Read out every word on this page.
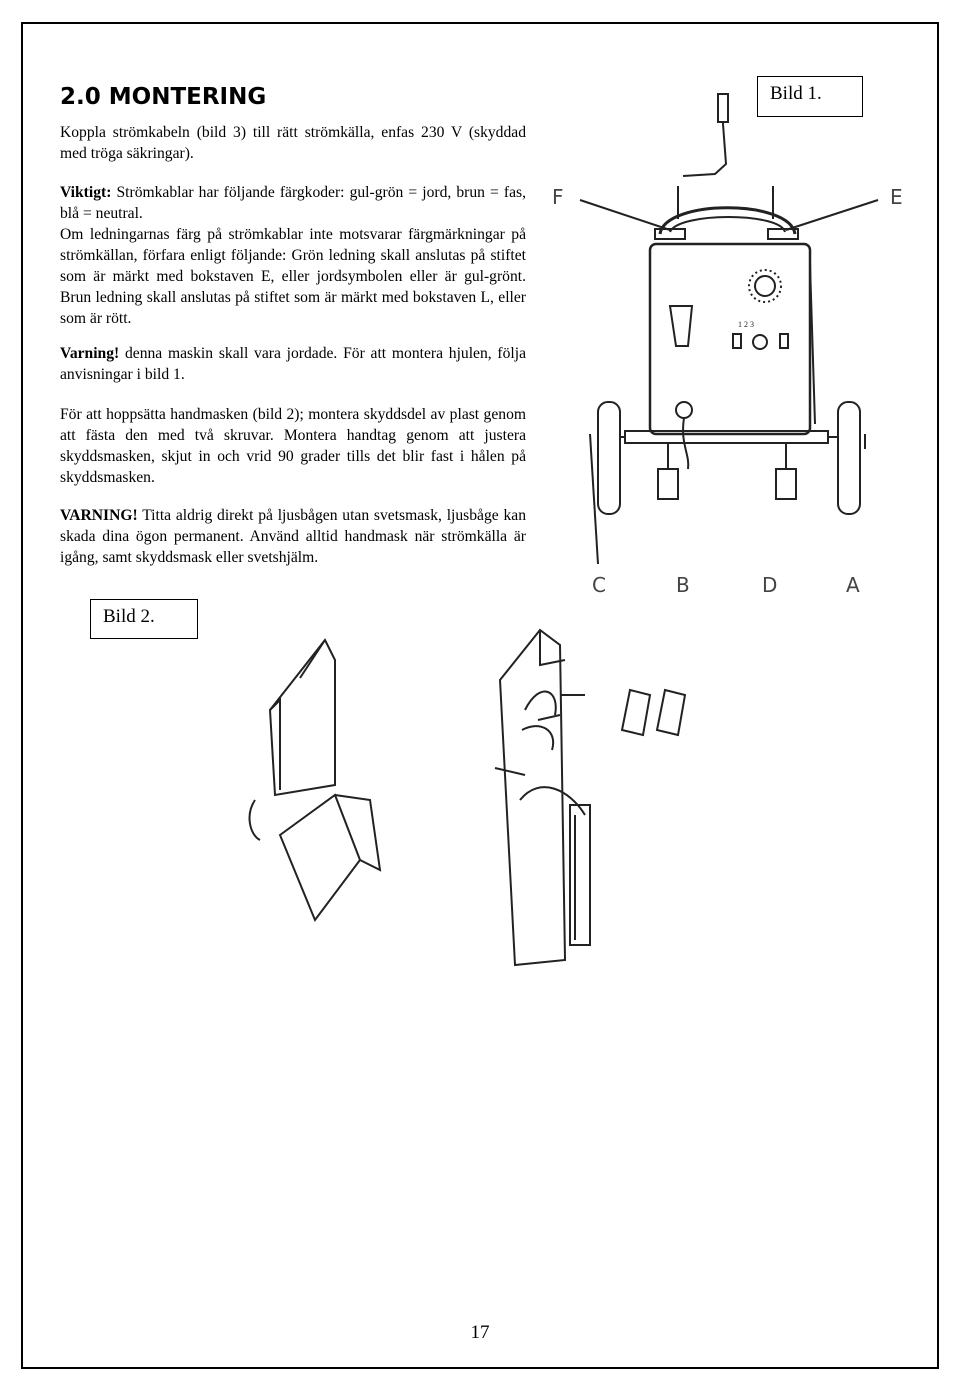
2.0 MONTERING

Koppla strömkabeln (bild 3) till rätt strömkälla, enfas 230 V (skyddad med tröga säkringar).

Viktigt: Strömkablar har följande färgkoder: gul-grön = jord, brun = fas, blå = neutral.
Om ledningarnas färg på strömkablar inte motsvarar färgmärkningar på strömkällan, förfara enligt följande: Grön ledning skall anslutas på stiftet som är märkt med bokstaven E, eller jordsymbolen eller är gul-grönt. Brun ledning skall anslutas på stiftet som är märkt med bokstaven L, eller som är rött.

Varning! denna maskin skall vara jordade. För att montera hjulen, följa anvisningar i bild 1.

För att hoppsätta handmasken (bild 2); montera skyddsdel av plast genom att fästa den med två skruvar. Montera handtag genom att justera skyddsmasken, skjut in och vrid 90 grader tills det blir fast i hålen på skyddsmasken.

VARNING! Titta aldrig direkt på ljusbågen utan svetsmask, ljusbåge kan skada dina ögon permanent. Använd alltid handmask när strömkälla är igång, samt skyddsmask eller svetshjälm.

Bild 1.
1 2 3
F	E
C	B	D	A
Bild 2.
17
